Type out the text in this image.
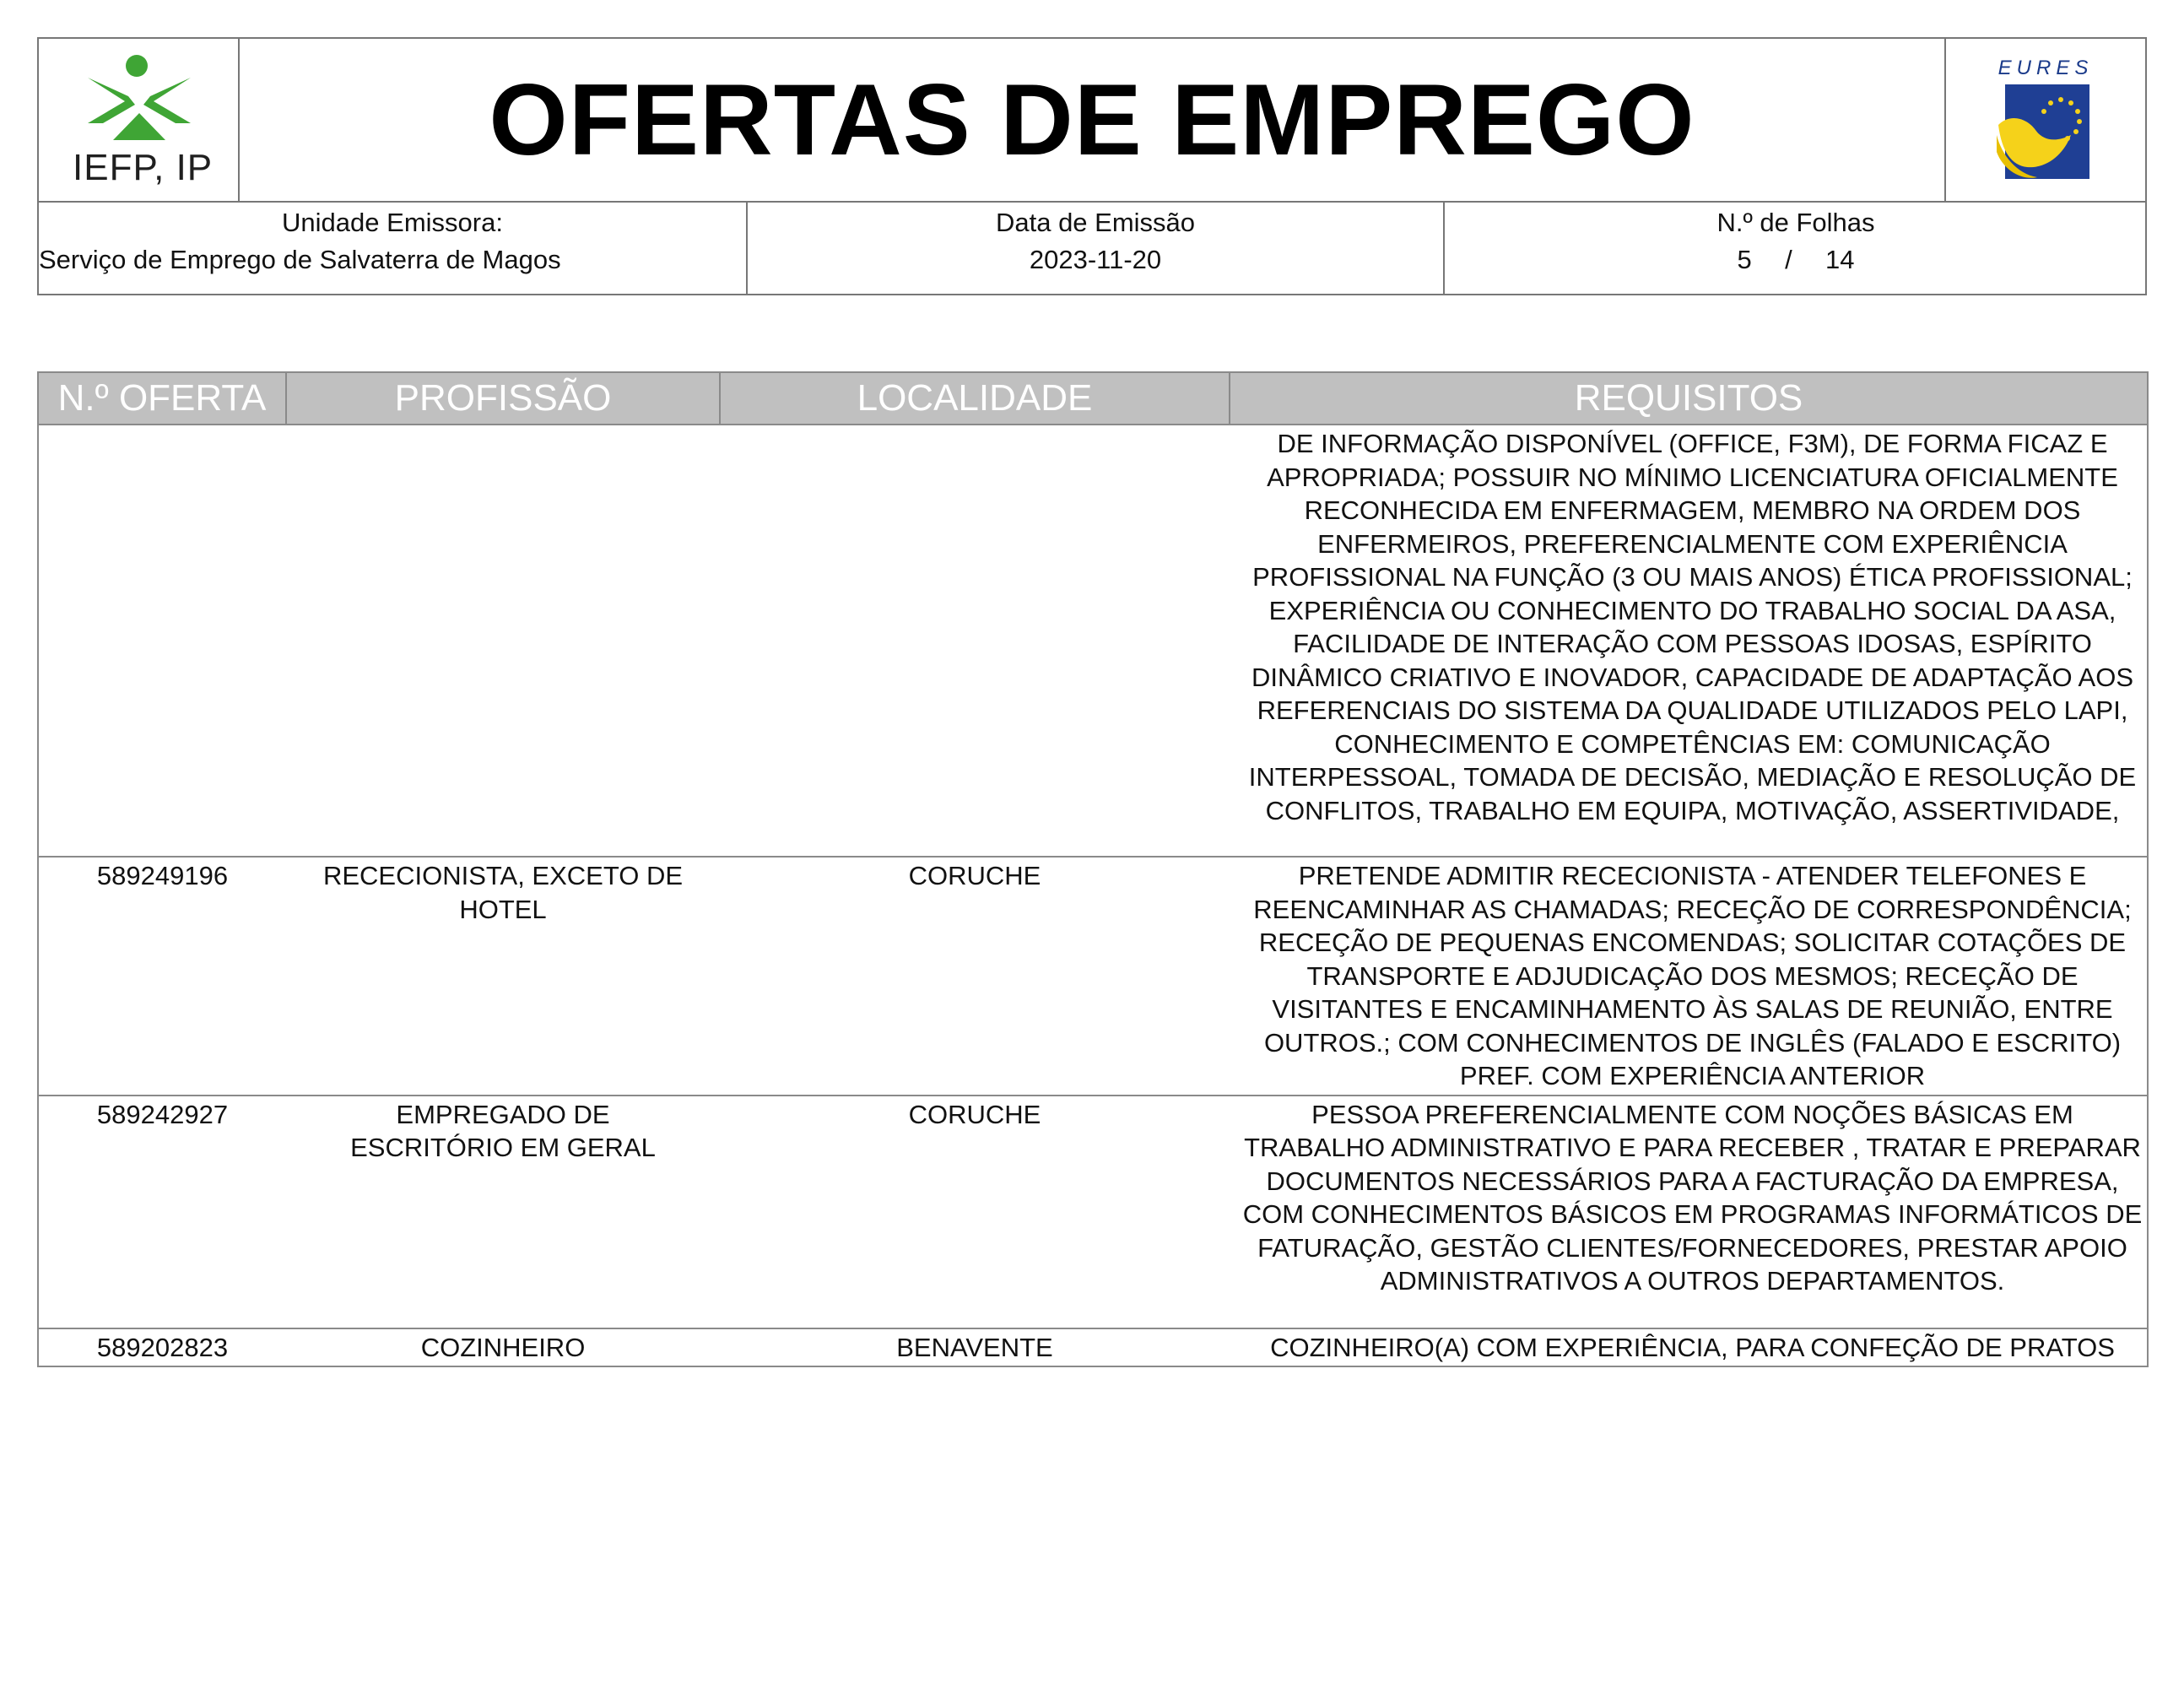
IEFP, IP	OFERTAS DE EMPREGO	EURES
Unidade Emissora:
Serviço de Emprego de Salvaterra de Magos
Data de Emissão
2023-11-20
N.º de Folhas
5 / 14
N.º OFERTA	PROFISSÃO	LOCALIDADE	REQUISITOS
			DE INFORMAÇÃO DISPONÍVEL (OFFICE, F3M), DE FORMA FICAZ E APROPRIADA; POSSUIR NO MÍNIMO LICENCIATURA OFICIALMENTE RECONHECIDA EM ENFERMAGEM, MEMBRO NA ORDEM DOS ENFERMEIROS, PREFERENCIALMENTE COM EXPERIÊNCIA PROFISSIONAL NA FUNÇÃO (3 OU MAIS ANOS) ÉTICA PROFISSIONAL; EXPERIÊNCIA OU CONHECIMENTO DO TRABALHO SOCIAL DA ASA, FACILIDADE DE INTERAÇÃO COM PESSOAS IDOSAS, ESPÍRITO DINÂMICO CRIATIVO E INOVADOR, CAPACIDADE DE ADAPTAÇÃO AOS REFERENCIAIS DO SISTEMA DA QUALIDADE UTILIZADOS PELO LAPI, CONHECIMENTO E COMPETÊNCIAS EM: COMUNICAÇÃO INTERPESSOAL, TOMADA DE DECISÃO, MEDIAÇÃO E RESOLUÇÃO DE CONFLITOS, TRABALHO EM EQUIPA, MOTIVAÇÃO, ASSERTIVIDADE,
589249196	RECECIONISTA, EXCETO DE HOTEL	CORUCHE	PRETENDE ADMITIR RECECIONISTA - ATENDER TELEFONES E REENCAMINHAR AS CHAMADAS; RECEÇÃO DE CORRESPONDÊNCIA; RECEÇÃO DE PEQUENAS ENCOMENDAS; SOLICITAR COTAÇÕES DE TRANSPORTE E ADJUDICAÇÃO DOS MESMOS; RECEÇÃO DE VISITANTES E ENCAMINHAMENTO ÀS SALAS DE REUNIÃO, ENTRE OUTROS.; COM CONHECIMENTOS DE INGLÊS (FALADO E ESCRITO) PREF. COM EXPERIÊNCIA ANTERIOR
589242927	EMPREGADO DE ESCRITÓRIO EM GERAL	CORUCHE	PESSOA PREFERENCIALMENTE COM NOÇÕES BÁSICAS EM TRABALHO ADMINISTRATIVO E PARA RECEBER , TRATAR E PREPARAR DOCUMENTOS NECESSÁRIOS PARA A FACTURAÇÃO DA EMPRESA, COM CONHECIMENTOS BÁSICOS EM PROGRAMAS INFORMÁTICOS DE FATURAÇÃO, GESTÃO CLIENTES/FORNECEDORES, PRESTAR APOIO ADMINISTRATIVOS A OUTROS DEPARTAMENTOS.
589202823	COZINHEIRO	BENAVENTE	COZINHEIRO(A) COM EXPERIÊNCIA, PARA CONFEÇÃO DE PRATOS
